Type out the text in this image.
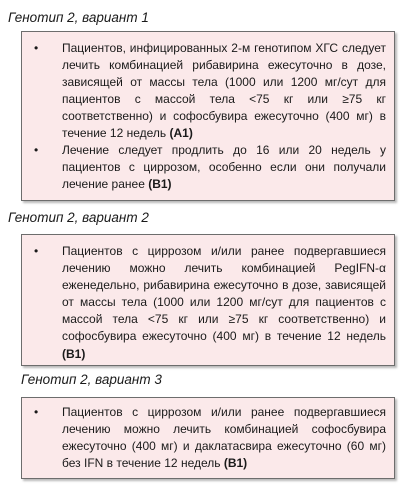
Генотип 2, вариант 1
• Пациентов, инфицированных 2-м генотипом ХГС следует лечить комбинацией рибавирина ежесуточно в дозе, зависящей от массы тела (1000 или 1200 мг/сут для пациентов с массой тела <75 кг или ≥75 кг соответственно) и софосбувира ежесуточно (400 мг) в течение 12 недель (А1)

• Лечение следует продлить до 16 или 20 недель у пациентов с циррозом, особенно если они получали лечение ранее (В1)

Генотип 2, вариант 2
• Пациентов с циррозом и/или ранее подвергавшиеся лечению можно лечить комбинацией PegIFN-α еженедельно, рибавирина ежесуточно в дозе, зависящей от массы тела (1000 или 1200 мг/сут для пациентов с массой тела <75 кг или ≥75 кг соответственно) и софосбувира ежесуточно (400 мг) в течение 12 недель (В1)

Генотип 2, вариант 3
• Пациентов с циррозом и/или ранее подвергавшиеся лечению можно лечить комбинацией софосбувира ежесуточно (400 мг) и даклатасвира ежесуточно (60 мг) без IFN в течение 12 недель (В1)
